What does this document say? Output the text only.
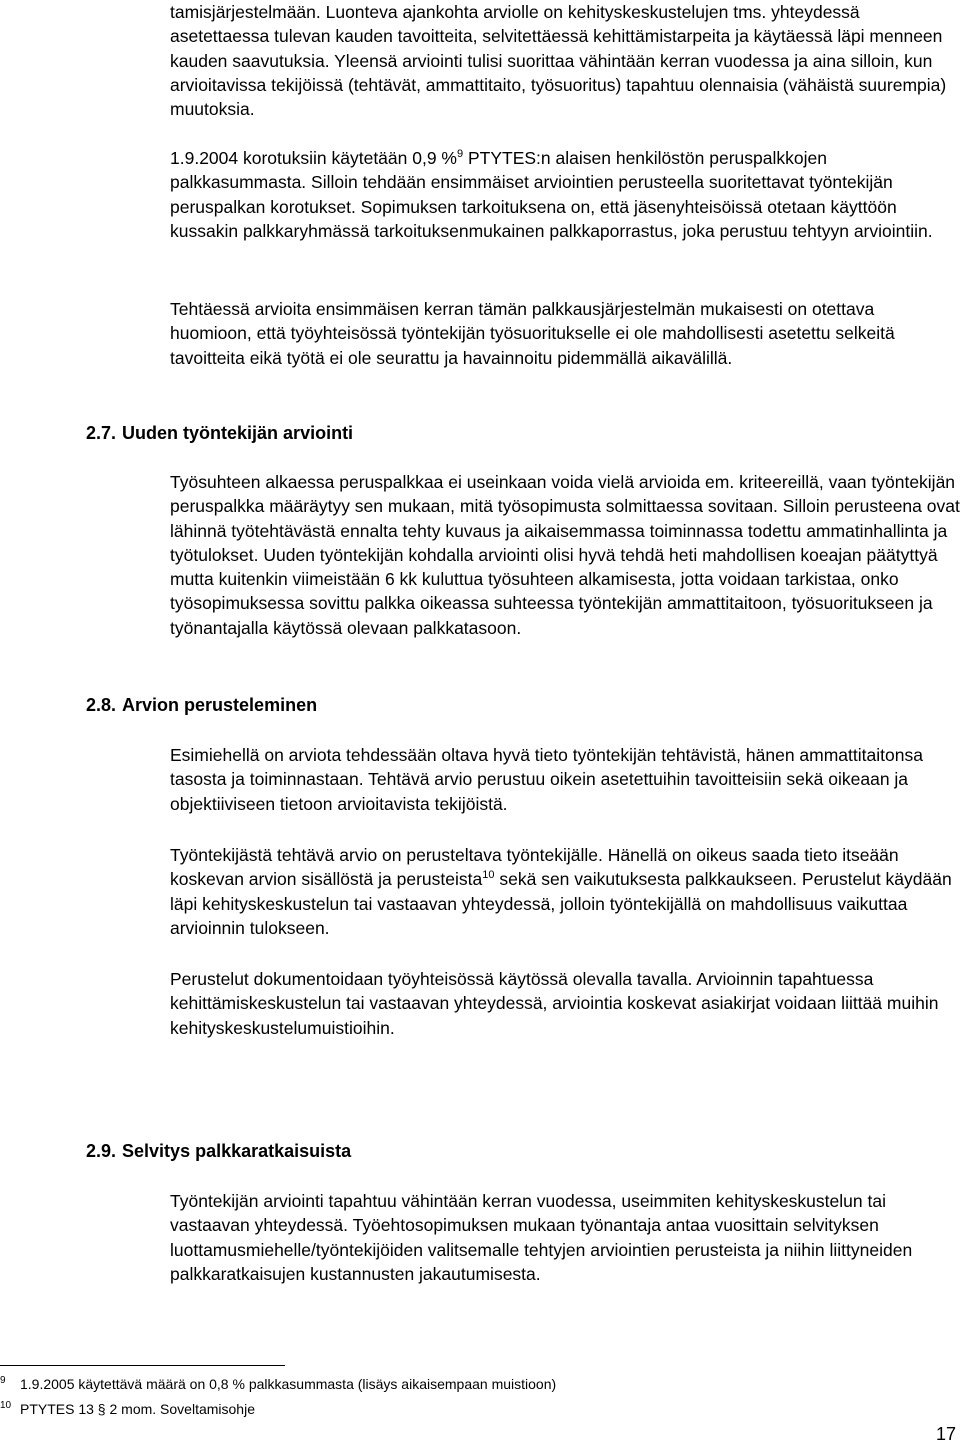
tamisjärjestelmään. Luonteva ajankohta arviolle on kehityskeskustelujen tms. yhteydessä asetettaessa tulevan kauden tavoitteita, selvitettäessä kehittämistarpeita ja käytäessä läpi menneen kauden saavutuksia. Yleensä arviointi tulisi suorittaa vähintään kerran vuodessa ja aina silloin, kun arvioitavissa tekijöissä (tehtävät, ammattitaito, työsuoritus) tapahtuu olennaisia (vähäistä suurempia) muutoksia.

1.9.2004 korotuksiin käytetään 0,9 %$^9$ PTYTES:n alaisen henkilöstön peruspalkkojen palkkasummasta. Silloin tehdään ensimmäiset arviointien perusteella suoritettavat työntekijän peruspalkan korotukset. Sopimuksen tarkoituksena on, että jäsenyhteisöissä otetaan käyttöön kussakin palkkaryhmässä tarkoituksenmukainen palkkaporrastus, joka perustuu tehtyyn arviointiin.

Tehtäessä arvioita ensimmäisen kerran tämän palkkausjärjestelmän mukaisesti on otettava huomioon, että työyhteisössä työntekijän työsuoritukselle ei ole mahdollisesti asetettu selkeitä tavoitteita eikä työtä ei ole seurattu ja havainnoitu pidemmällä aikavälillä.

2.7. Uuden työntekijän arviointi

Työsuhteen alkaessa peruspalkkaa ei useinkaan voida vielä arvioida em. kriteereillä, vaan työntekijän peruspalkka määräytyy sen mukaan, mitä työsopimusta solmittaessa sovitaan. Silloin perusteena ovat lähinnä työtehtävästä ennalta tehty kuvaus ja aikaisemmassa toiminnassa todettu ammatinhallinta ja työtulokset. Uuden työntekijän kohdalla arviointi olisi hyvä tehdä heti mahdollisen koeajan päätyttyä mutta kuitenkin viimeistään 6 kk kuluttua työsuhteen alkamisesta, jotta voidaan tarkistaa, onko työsopimuksessa sovittu palkka oikeassa suhteessa työntekijän ammattitaitoon, työsuoritukseen ja työnantajalla käytössä olevaan palkkatasoon.

2.8. Arvion perusteleminen

Esimiehellä on arviota tehdessään oltava hyvä tieto työntekijän tehtävistä, hänen ammattitaitonsa tasosta ja toiminnastaan. Tehtävä arvio perustuu oikein asetettuihin tavoitteisiin sekä oikeaan ja objektiiviseen tietoon arvioitavista tekijöistä.

Työntekijästä tehtävä arvio on perusteltava työntekijälle. Hänellä on oikeus saada tieto itseään koskevan arvion sisällöstä ja perusteista$^{10}$ sekä sen vaikutuksesta palkkaukseen. Perustelut käydään läpi kehityskeskustelun tai vastaavan yhteydessä, jolloin työntekijällä on mahdollisuus vaikuttaa arvioinnin tulokseen.

Perustelut dokumentoidaan työyhteisössä käytössä olevalla tavalla. Arvioinnin tapahtuessa kehittämiskeskustelun tai vastaavan yhteydessä, arviointia koskevat asiakirjat voidaan liittää muihin kehityskeskustelumuistioihin.

2.9. Selvitys palkkaratkaisuista

Työntekijän arviointi tapahtuu vähintään kerran vuodessa, useimmiten kehityskeskustelun tai vastaavan yhteydessä. Työehtosopimuksen mukaan työnantaja antaa vuosittain selvityksen luottamusmiehelle/työntekijöiden valitsemalle tehtyjen arviointien perusteista ja niihin liittyneiden palkkaratkaisujen kustannusten jakautumisesta.

9 1.9.2005 käytettävä määrä on 0,8 % palkkasummasta (lisäys aikaisempaan muistioon)
10 PTYTES 13 § 2 mom. Soveltamisohje
17
